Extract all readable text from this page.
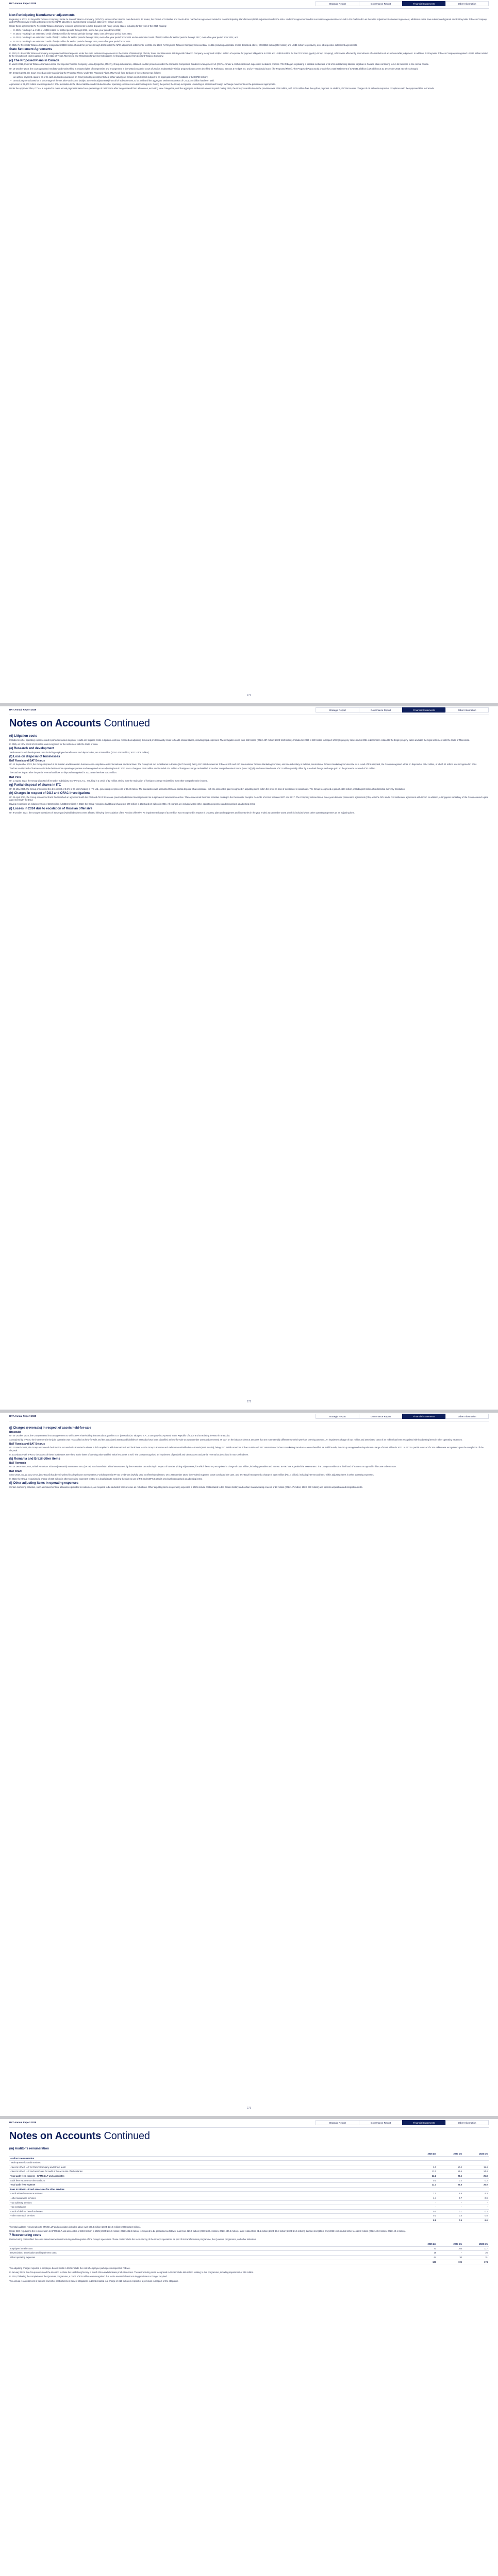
BAT Annual Report 2025	Strategic Report	Governance Report	Financial Statements	Other Information
Non-Participating Manufacturer adjustments
Beginning in 2013, RJ Reynolds Tobacco Company, Santa Fe Natural Tobacco Company (SFNTC), various other tobacco manufacturers, 17 states, the District of Columbia and Puerto Rico reached an agreement related to Non-Participating Manufacturer (NPM) adjustment under the MSA. Under this agreement and its successive agreements executed in 2017 referred to as the NPM Adjustment Settlement Agreement, additional states have subsequently joined and RJ Reynolds Tobacco Company and SFNTC received credits with respect to their NPM adjustment claims related to various states over certain periods.
Under these agreements RJ Reynolds Tobacco Company received agreements to settle disputes with newly joining states, including for the year of the 2025 hearing:
– In 2025, resulting in a credit of US$59 million for settled periods through 2016, over a five year period from 2022;
– In 2024, resulting in an estimated credit of US$35 million for settled periods through 2016, over a five year period from 2024;
– In 2024, resulting in an estimated credit of US$11 million for settled periods through 2018, over a five year period from 2024 and an estimated credit of US$3 million for settled periods through 2017, over a five year period from 2024; and
– In 2023, resulting in an estimated credit of US$9 million for settled periods through 2016, over a five year period from 2025.
In 2025, RJ Reynolds Tobacco Company recognised US$69 million of credit for periods through 2025 under the NPM adjustment settlements. In 2024 and 2023, RJ Reynolds Tobacco Company received total credits (including applicable credits described above) of US$53 million (£53 million) and US$9 million respectively, over all respective settlement agreements.
State Settlement Agreements
In 2023, RJ Reynolds Tobacco Company recognised additional expense under the state settlement agreements in the States of Mississippi, Florida, Texas and Minnesota. RJ Reynolds Tobacco Company recognised US$241 million of expense for payment obligations in 2025 and US$245 million for the FCS from Liggett (a Group company), which were affected by amendments of a resolution of an unfavourable judgement. In addition, RJ Reynolds Tobacco Company recognised US$26 million related to the resolution of claims against it in the State of Texas, Minnesota and Mississippi for payment obligations for brands acquired from Lorillard Tobacco Company.
(c) The Proposed Plans in Canada
In March 2019, Imperial Tobacco Canada Limited and Imperial Tobacco Company Limited (together, ITCAN), Group subsidiaries, obtained creditor protection under the Canadian Companies' Creditors Arrangement Act (CCAA). Under a confidential court-supervised mediation process ITCAN began negotiating a possible settlement of all of its outstanding tobacco litigation in Canada while continuing to run its business in the normal course.
On 18 October 2024, the court-appointed mediator and monitor filed a proposed plan of compromise and arrangement in the Ontario Superior Court of Justice. Substantially similar proposed plans were also filed for Rothmans, Benson & Hedges Inc. and JTI-Macdonald Corp. (the Proposed Plans). The Proposed Plans would provide for a total settlement of CAD$32.5 billion (£17.6 billion at 31 December 2025 rate of exchange).
On 6 March 2025, the Court issued an order sanctioning the Proposed Plans. Under the Proposed Plans, ITCAN will fund its share of the settlement as follows:
– an upfront payment equal to all of its cash and cash equivalents on hand (including investments held at fair value) plus certain court deposits subject to an aggregate industry holdback of CAD$750 million;
– annual payments based on a percentage of the net after-tax income (subject to certain adjustments) from all of its businesses, to be paid until the aggregate settlement amount of CAD$32.5 billion has been paid.
A provision of £6,203 million was recognised in 2024 in relation to the above liabilities and included in other operating expenses as a discounting item. During the period, the Group recognised unwinding of interest and foreign exchange movements on the provision as appropriate.
Under the Approved Plan, ITCAN is required to make annual payments based on a percentage of net income after tax generated from all sources, excluding New Categories, until the aggregate settlement amount is paid. During 2025, the Group's contribution to the provision was £768 million, with £725 million from the upfront payment. In addition, ITCAN incurred charges of £8 million in respect of compliance with the Approved Plan in Canada.
271
BAT Annual Report 2025	Strategic Report	Governance Report	Financial Statements	Other Information
Notes on Accounts Continued
(d) Litigation costs
Included in other operating expenses and reported in various segment results are litigation costs. Litigation costs are reported as adjusting items and predominantly relate to health-related claims, including legal expenses. These litigation costs were £32 million (2024: £37 million; 2023: £84 million). Included in 2025 is £30 million in respect of Engle progeny cases and in 2024 is £20 million related to the Engle progeny cases and also the legal settlement with the State of Minnesota.
In 2025, an NPM credit of £8 million was recognised for the settlement with the State of Iowa.
(e) Research and development
Total research and development costs including employee benefit costs and depreciation, are £359 million (2024: £383 million; 2023: £408 million).
(f) Loss on disposal of businesses
BAT Russia and BAT Belarus
On 12 September 2023, the Group disposed of its Russian and Belarusian businesses in compliance with international and local laws. The Group had two subsidiaries in Russia (BAT Russia), being JSC British American Tobacco-SPb and JSC International Tobacco Marketing Services, and one subsidiary in Belarus, International Tobacco Marketing Services BY. As a result of this disposal, the Group recognised a loss on disposal of £554 million, of which £1 million was recognised in 2024.
The loss on disposal of businesses included within other operating expenses and recognised as an adjusting item in 2023 was a charge of £548 million and included £34 million of foreign exchange reclassified from other comprehensive income (note 23(c)(ii)) and associated costs of £12 million partially offset by a realised foreign exchange gain on the proceeds received of £3 million.
The total net impact after the partial reversal and loss on disposal recognised in 2023 was therefore £383 million.
BAT Peru
On 1 August 2023, the Group disposed of its tanker subsidiary, BAT Peru S.A.C., resulting in a credit of £2 million arising from the realisation of foreign exchange reclassified from other comprehensive income.
(g) Partial disposal of shares in ITC
On 28 May 2025, the Group announced the divestment of 3.5% of its shareholding in ITC Ltd., generating net proceeds of £940 million. The transaction was accounted for as a partial disposal of an associate, with the associated gain recognised in adjusting items within the profit on sale of investment in associates. The Group recognised a gain of £694 million, including £3 million of reclassified currency translation.
(h) Charges in respect of DOJ and OFAC investigations
On 25 April 2023, the Group announced that it had reached an agreement with the DOJ and OFAC to resolve previously disclosed investigations into suspicions of sanctions breaches. These concerned business activities relating to the Democratic People's Republic of Korea between 2007 and 2017. The Company entered into a three-year deferred prosecution agreement (DPA) with the DOJ and a civil settlement agreement with OFAC. In addition, a Singapore subsidiary of the Group entered a plea agreement with the DOJ.
Having recognised an initial provision of £450 million (US$540 million) in 2022, the Group recognised additional charges of £79 million in 2023 and £4 million in 2024. All charges are included within other operating expenses and recognised as adjusting items.
(i) Losses in 2024 due to escalation of Russian offensive
On 9 October 2024, the Group's operations of its Kenyan (Nairobi) business were affected following the escalation of the Russian offensive. An impairment charge of £18 million was recognised in respect of property, plant and equipment and inventories in the year ended 31 December 2024, which is included within other operating expenses as an adjusting item.
272
BAT Annual Report 2025	Strategic Report	Governance Report	Financial Statements	Other Information
(j) Charges (reversals) in respect of assets held-for-sale
Brascuba
On 24 October 2025, the Group entered into an agreement to sell its 50% shareholding in Brascuba Cigarrillos S.A. (Brascuba) to Tabagest S.A., a company incorporated in the Republic of Cuba and an existing investor in Brascuba.
As required by IFRS 5, the investment in the joint operation was reclassified as held-for-sale and the associated assets and liabilities of Brascuba have been classified as held-for-sale at 31 December 2025 and presented as such on the balance sheet at amounts that are not materially different from their previous carrying amounts. An impairment charge of £27 million and associated costs of £4 million has been recognised within adjusting items in other operating expenses.
BAT Russia and BAT Belarus
On 11 March 2022, the Group announced the intention to transfer its Russian business in full compliance with international and local laws. As the Group's Russian and Belarusian subsidiaries — Russia (BAT Russia), being JSC British American Tobacco-SPb and JSC International Tobacco Marketing Services — were classified as held-for-sale, the Group recognised an impairment charge of £554 million in 2022. In 2023 a partial reversal of £164 million was recognised upon the completion of the disposal.
In accordance with IFRS 5, the assets of these businesses were held at the lower of carrying value and fair value less costs to sell. The Group recognised an impairment of goodwill and other assets and partial reversal as described in note 10(f) above.
(k) Romania and Brazil other items
BAT Romania
On 14 December 2024, British American Tobacco (Romania) Investment SRL (BATRI) was issued with a final assessment by the Romanian tax authority in respect of transfer pricing adjustments, for which the Group recognised a charge of £116 million, including penalties and interest. BATRI has appealed the assessment. The Group considers the likelihood of success on appeal in this case to be remote.
BAT Brazil
Since 2017, Souza Cruz LTDA (BAT Brazil) has been involved in a legal case over whether a 'Crédito-prêmio IPI' tax credit was lawfully used to offset federal taxes. On 19 December 2025, the Federal Supreme Court concluded the case, and BAT Brazil recognised a charge of £215 million (R$1.4 billion), including interest and fees, within adjusting items in other operating expenses.
In 2023, the Group recognised a charge of £58 million in other operating expenses related to a legal dispute involving the right to use of PIS and COFINS credits previously recognised as adjusting items.
(l) Other adjusting items in operating expenses
Certain marketing activities, such as inducements or allowances provided to customers, are required to be deducted from revenue as reductions. Other adjusting items in operating expenses in 2025 include costs related to the Drakes factory and certain manufacturing reviews of £3 million (2024: £7 million; 2023: £33 million) and specific acquisition and integration costs.
273
BAT Annual Report 2025	Strategic Report	Governance Report	Financial Statements	Other Information
Notes on Accounts Continued
(m) Auditor's remuneration
	2025 £m	2024 £m	2023 £m
Auditor's remuneration			
Total expense for audit services:			
- fees to KPMG LLP for Parent Company and Group audit	9.0	10.0	11.4
- fees to KPMG LLP and associates for audit of the accounts of subsidiaries	13.2	13.6	14.4
Total audit fees expense - KPMG LLP and associates	22.2	23.6	25.8
Audit fees expense to other auditors	0.1	0.2	0.2
Total audit fees expense	22.3	23.8	26.0
Fees to KPMG LLP and associates for other services			
- audit related assurance services	7.1	6.8	4.3
- other assurance services	1.4	0.7	0.9
- tax advisory services	-	-	-
- tax compliance	-	-	-
- audit of defined benefit schemes	0.1	0.1	0.2
- other non-audit services	0.2	0.4	0.6
	8.8	7.9	6.0
The total auditor's remuneration to KPMG LLP and associates included above was £30.8 million (2024: £31.5 million; 2023: £31.8 million).
Under SEC regulations the remuneration to KPMG LLP and associates of £30.8 million in 2025 (2024: £31.5 million; 2023: £31.8 million) is required to be presented as follows: audit fees £29.0 million (2024: £30.4 million; 2023: £30.2 million), audit related fees £1.5 million (2024: £0.8 million; 2023: £1.5 million), tax fees £nil (2024: £nil; 2023: £nil) and all other fees £0.3 million (2024: £0.3 million; 2023: £0.1 million).
7 Restructuring costs
Restructuring costs reflect the costs associated with restructuring and integration of the Group's operations. These costs include the restructuring of the Group's operations as part of its transformation programme, the Quantum programme, and other initiatives.
	2025 £m	2024 £m	2023 £m
Employee benefit costs	70	165	117
Depreciation, amortisation and impairment costs	19	-	26
Other operating expenses	44	30	31
	133	195	174
The adjusting charges reported in employee benefit costs in 2025 include the cost of employee packages in respect of FoDMA.
In January 2025, the Group announced the intention to close the Heidelberg factory in South Africa and eliminate production roles. The restructuring costs recognised in 2025 include £65 million relating to this programme, including impairment of £19 million.
In 2024, following the completion of the Quantum programme, a credit of £25 million was recognised due to the reversal of restructuring provisions no longer required.
The annual re-assessment of pension and other post-retirement benefit obligations in 2025 resulted in a charge of £15 million in respect of a provision in respect of the obligation.
